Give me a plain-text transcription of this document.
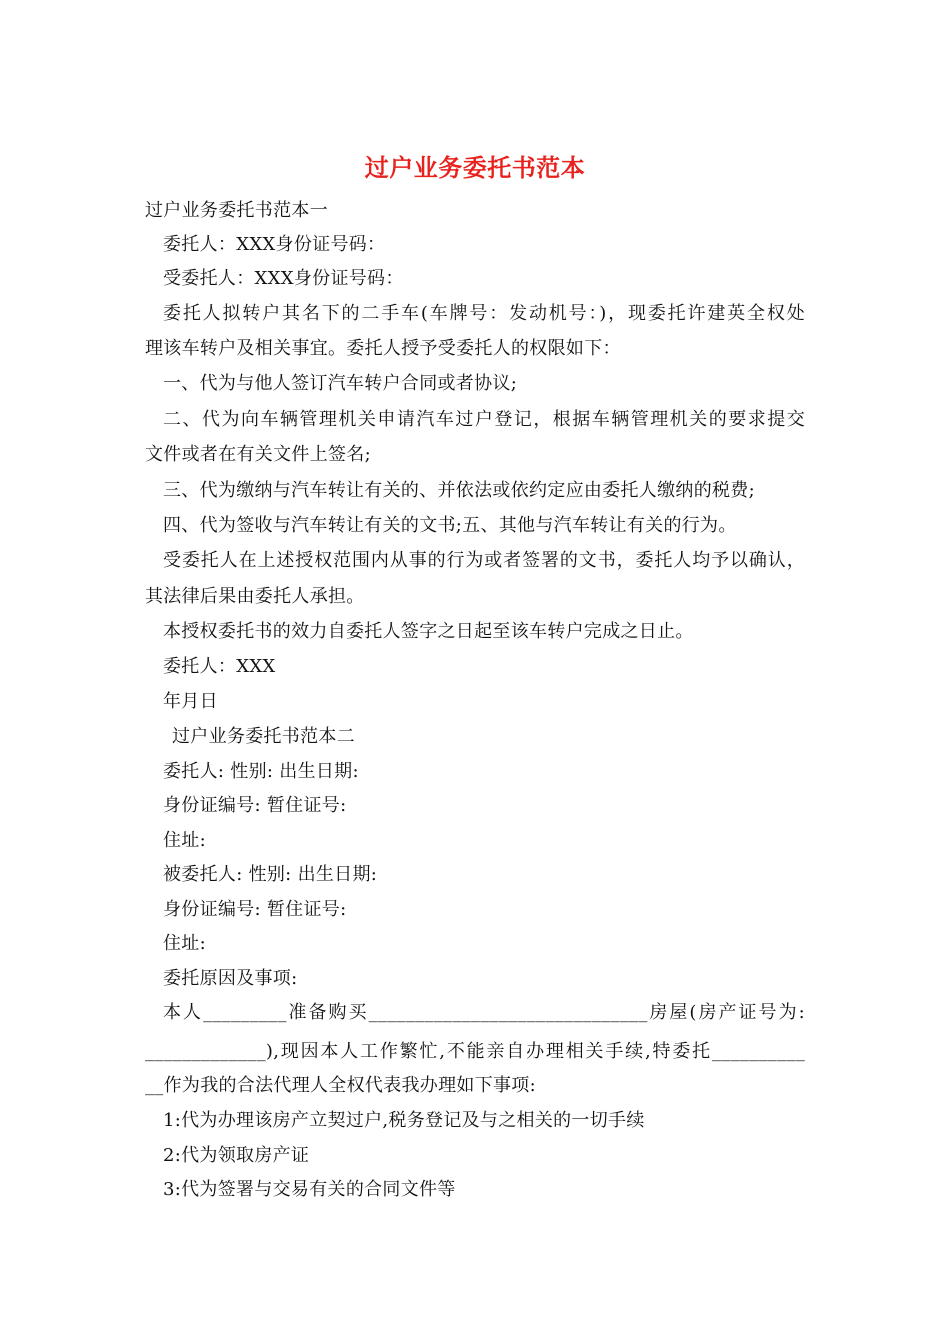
过户业务委托书范本
过户业务委托书范本一
委托人：XXX身份证号码：
受委托人：XXX身份证号码：
委托人拟转户其名下的二手车(车牌号：发动机号：)，现委托许建英全权处
理该车转户及相关事宜。委托人授予受委托人的权限如下：
一、代为与他人签订汽车转户合同或者协议;
二、代为向车辆管理机关申请汽车过户登记，根据车辆管理机关的要求提交
文件或者在有关文件上签名;
三、代为缴纳与汽车转让有关的、并依法或依约定应由委托人缴纳的税费;
四、代为签收与汽车转让有关的文书;五、其他与汽车转让有关的行为。
受委托人在上述授权范围内从事的行为或者签署的文书，委托人均予以确认，
其法律后果由委托人承担。
本授权委托书的效力自委托人签字之日起至该车转户完成之日止。
委托人：XXX
年月日
过户业务委托书范本二
委托人: 性别: 出生日期:
身份证编号: 暂住证号:
住址:
被委托人: 性别: 出生日期:
身份证编号: 暂住证号:
住址:
委托原因及事项:
本人_________准备购买______________________________房屋(房产证号为:
_____________),现因本人工作繁忙,不能亲自办理相关手续,特委托__________
__作为我的合法代理人全权代表我办理如下事项:
1:代为办理该房产立契过户,税务登记及与之相关的一切手续
2:代为领取房产证
3:代为签署与交易有关的合同文件等
